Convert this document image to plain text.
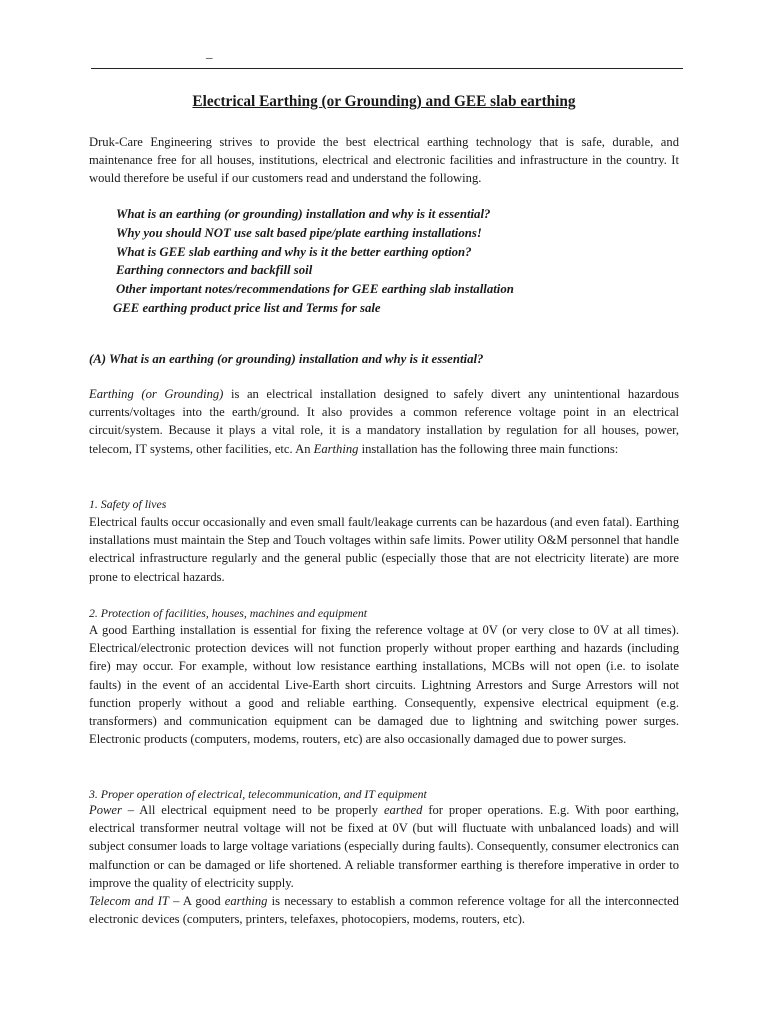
_
Electrical Earthing (or Grounding) and GEE slab earthing
Druk-Care Engineering strives to provide the best electrical earthing technology that is safe, durable, and maintenance free for all houses, institutions, electrical and electronic facilities and infrastructure in the country. It would therefore be useful if our customers read and understand the following.
What is an earthing (or grounding) installation and why is it essential?
Why you should NOT use salt based pipe/plate earthing installations!
What is GEE slab earthing and why is it the better earthing option?
Earthing connectors and backfill soil
Other important notes/recommendations for GEE earthing slab installation
GEE earthing product price list and Terms for sale
(A) What is an earthing (or grounding) installation and why is it essential?
Earthing (or Grounding) is an electrical installation designed to safely divert any unintentional hazardous currents/voltages into the earth/ground. It also provides a common reference voltage point in an electrical circuit/system. Because it plays a vital role, it is a mandatory installation by regulation for all houses, power, telecom, IT systems, other facilities, etc. An Earthing installation has the following three main functions:
1. Safety of lives
Electrical faults occur occasionally and even small fault/leakage currents can be hazardous (and even fatal). Earthing installations must maintain the Step and Touch voltages within safe limits. Power utility O&M personnel that handle electrical infrastructure regularly and the general public (especially those that are not electricity literate) are more prone to electrical hazards.
2. Protection of facilities, houses, machines and equipment
A good Earthing installation is essential for fixing the reference voltage at 0V (or very close to 0V at all times). Electrical/electronic protection devices will not function properly without proper earthing and hazards (including fire) may occur. For example, without low resistance earthing installations, MCBs will not open (i.e. to isolate faults) in the event of an accidental Live-Earth short circuits. Lightning Arrestors and Surge Arrestors will not function properly without a good and reliable earthing. Consequently, expensive electrical equipment (e.g. transformers) and communication equipment can be damaged due to lightning and switching power surges. Electronic products (computers, modems, routers, etc) are also occasionally damaged due to power surges.
3. Proper operation of electrical, telecommunication, and IT equipment
Power – All electrical equipment need to be properly earthed for proper operations. E.g. With poor earthing, electrical transformer neutral voltage will not be fixed at 0V (but will fluctuate with unbalanced loads) and will subject consumer loads to large voltage variations (especially during faults). Consequently, consumer electronics can malfunction or can be damaged or life shortened. A reliable transformer earthing is therefore imperative in order to improve the quality of electricity supply.
Telecom and IT – A good earthing is necessary to establish a common reference voltage for all the interconnected electronic devices (computers, printers, telefaxes, photocopiers, modems, routers, etc).
